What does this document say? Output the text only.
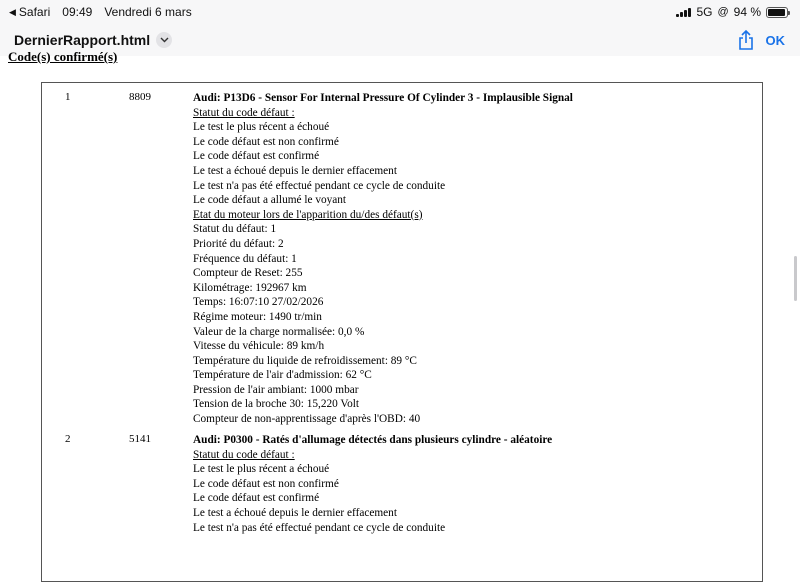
◀ Safari 09:49 Vendredi 6 mars	5G @ 94 %
DernierRapport.html	OK
Code(s) confirmé(s)
1	8809	Audi: P13D6 - Sensor For Internal Pressure Of Cylinder 3 - Implausible Signal
Statut du code défaut :
Le test le plus récent a échoué
Le code défaut est non confirmé
Le code défaut est confirmé
Le test a échoué depuis le dernier effacement
Le test n'a pas été effectué pendant ce cycle de conduite
Le code défaut a allumé le voyant
Etat du moteur lors de l'apparition du/des défaut(s)
Statut du défaut: 1
Priorité du défaut: 2
Fréquence du défaut: 1
Compteur de Reset: 255
Kilométrage: 192967 km
Temps: 16:07:10 27/02/2026
Régime moteur: 1490 tr/min
Valeur de la charge normalisée: 0,0 %
Vitesse du véhicule: 89 km/h
Température du liquide de refroidissement: 89 °C
Température de l'air d'admission: 62 °C
Pression de l'air ambiant: 1000 mbar
Tension de la broche 30: 15,220 Volt
Compteur de non-apprentissage d'après l'OBD: 40
2	5141	Audi: P0300 - Ratés d'allumage détectés dans plusieurs cylindre - aléatoire
Statut du code défaut :
Le test le plus récent a échoué
Le code défaut est non confirmé
Le code défaut est confirmé
Le test a échoué depuis le dernier effacement
Le test n'a pas été effectué pendant ce cycle de conduite
